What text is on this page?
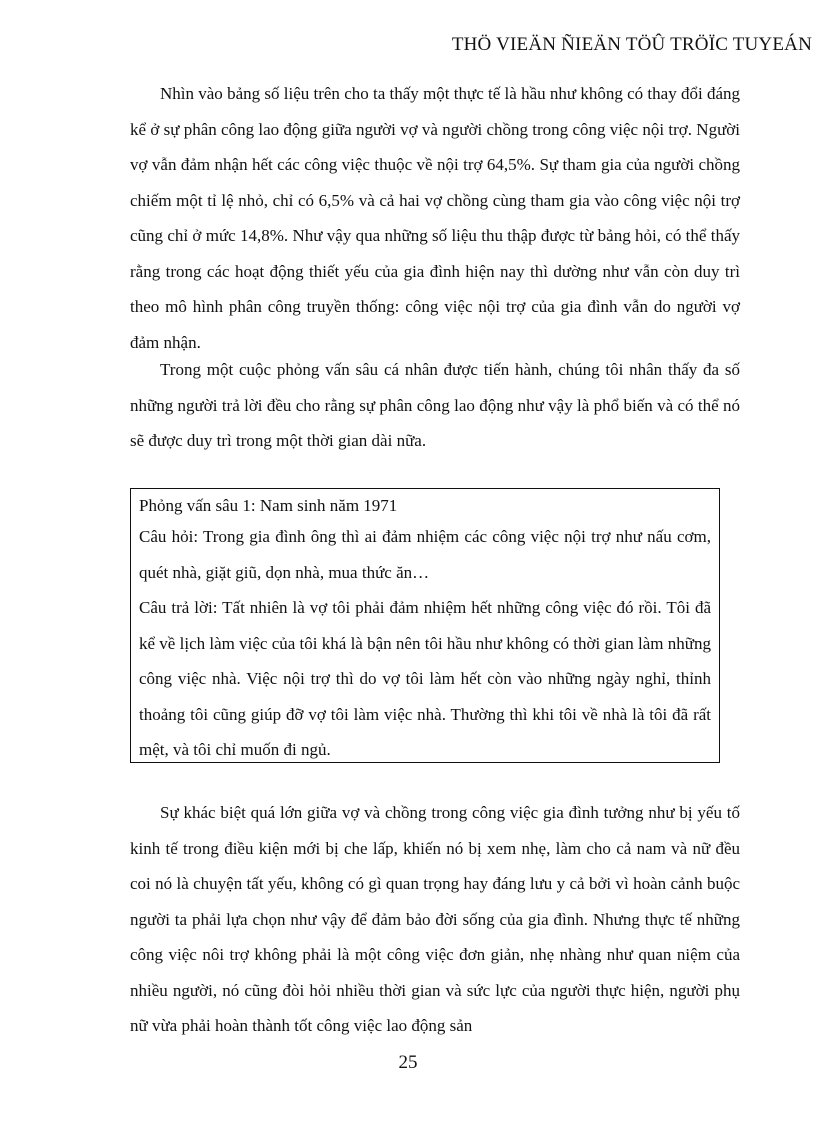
THÖ VIEÄN ÑIEÄN TÖÛ TRÖÏC TUYEÁN

Nhìn vào bảng số liệu trên cho ta thấy một thực tế là hầu như không có thay đổi đáng kể ở sự phân công lao động giữa người vợ và người chồng trong công việc nội trợ. Người vợ vẫn đảm nhận hết các công việc thuộc về nội trợ 64,5%. Sự tham gia của người chồng chiếm một tỉ lệ nhỏ, chỉ có 6,5% và cả hai vợ chồng cùng tham gia vào công việc nội trợ cũng chỉ ở mức 14,8%. Như vậy qua những số liệu thu thập được từ bảng hỏi, có thể thấy rằng trong các hoạt động thiết yếu của gia đình hiện nay thì dường như vẫn còn duy trì theo mô hình phân công truyền thống: công việc nội trợ của gia đình vẫn do người vợ đảm nhận.

Trong một cuộc phỏng vấn sâu cá nhân được tiến hành, chúng tôi nhân thấy đa số những người trả lời đều cho rằng sự phân công lao động như vậy là phổ biến và có thể nó sẽ được duy trì trong một thời gian dài nữa.

Phỏng vấn sâu 1: Nam sinh năm 1971

Câu hỏi: Trong gia đình ông thì ai đảm nhiệm các công việc nội trợ như nấu cơm, quét nhà, giặt giũ, dọn nhà, mua thức ăn…

Câu trả lời: Tất nhiên là vợ tôi phải đảm nhiệm hết những công việc đó rồi. Tôi đã kể về lịch làm việc của tôi khá là bận nên tôi hầu như không có thời gian làm những công việc nhà. Việc nội trợ thì do vợ tôi làm hết còn vào những ngày nghỉ, thỉnh thoảng tôi cũng giúp đỡ vợ tôi làm việc nhà. Thường thì khi tôi về nhà là tôi đã rất mệt, và tôi chỉ muốn đi ngủ.

Sự khác biệt quá lớn giữa vợ và chồng trong công việc gia đình tưởng như bị yếu tố kinh tế trong điều kiện mới bị che lấp, khiến nó bị xem nhẹ, làm cho cả nam và nữ đều coi nó là chuyện tất yếu, không có gì quan trọng hay đáng lưu y cả bởi vì hoàn cảnh buộc người ta phải lựa chọn như vậy để đảm bảo đời sống của gia đình. Nhưng thực tế những công việc nôi trợ không phải là một công việc đơn giản, nhẹ nhàng như quan niệm của nhiều người, nó cũng đòi hỏi nhiều thời gian và sức lực của người thực hiện, người phụ nữ vừa phải hoàn thành tốt công việc lao động sản

25
